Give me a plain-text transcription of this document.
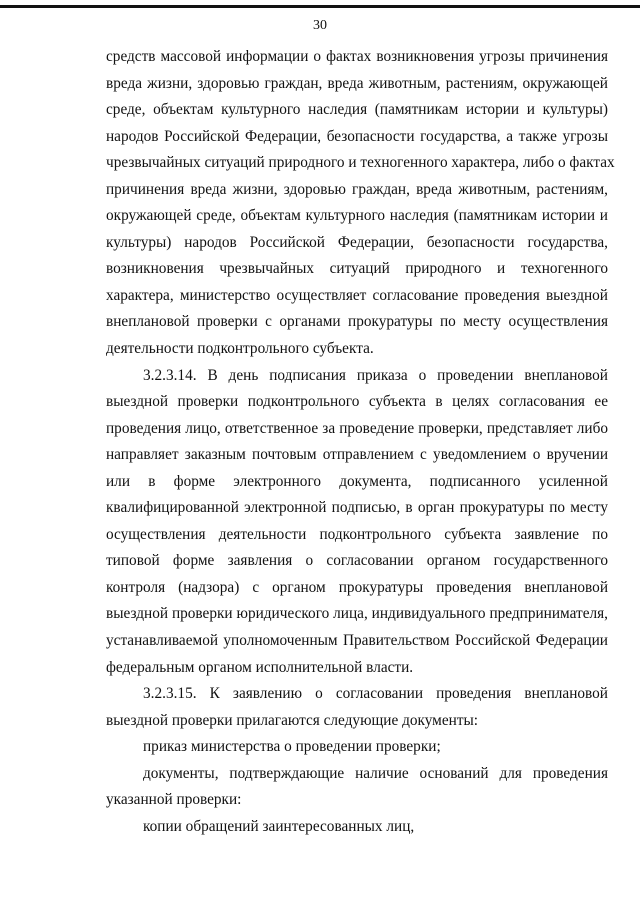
30
средств массовой информации о фактах возникновения угрозы причинения
вреда жизни, здоровью граждан, вреда животным, растениям, окружающей
среде, объектам культурного наследия (памятникам истории и культуры)
народов Российской Федерации, безопасности государства, а также угрозы
чрезвычайных ситуаций природного и техногенного характера, либо о фактах
причинения вреда жизни, здоровью граждан, вреда животным, растениям,
окружающей среде, объектам культурного наследия (памятникам истории и
культуры) народов Российской Федерации, безопасности государства,
возникновения чрезвычайных ситуаций природного и техногенного
характера, министерство осуществляет согласование проведения выездной
внеплановой проверки с органами прокуратуры по месту осуществления
деятельности подконтрольного субъекта.
3.2.3.14. В день подписания приказа о проведении внеплановой
выездной проверки подконтрольного субъекта в целях согласования ее
проведения лицо, ответственное за проведение проверки, представляет либо
направляет заказным почтовым отправлением с уведомлением о вручении
или в форме электронного документа, подписанного усиленной
квалифицированной электронной подписью, в орган прокуратуры по месту
осуществления деятельности подконтрольного субъекта заявление по
типовой форме заявления о согласовании органом государственного
контроля (надзора) с органом прокуратуры проведения внеплановой
выездной проверки юридического лица, индивидуального предпринимателя,
устанавливаемой уполномоченным Правительством Российской Федерации
федеральным органом исполнительной власти.
3.2.3.15. К заявлению о согласовании проведения внеплановой
выездной проверки прилагаются следующие документы:
приказ министерства о проведении проверки;
документы, подтверждающие наличие оснований для проведения
указанной проверки:
копии обращений заинтересованных лиц,
